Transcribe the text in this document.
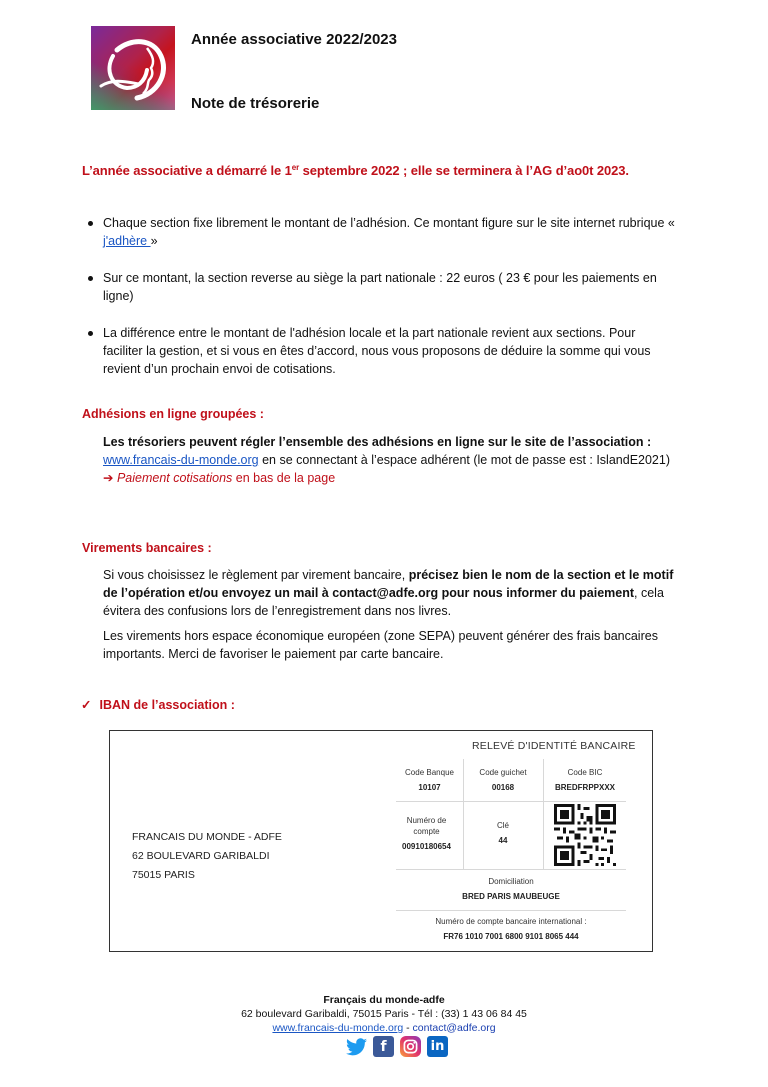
Année associative 2022/2023
Note de trésorerie
L’année associative a démarré le 1er septembre 2022 ; elle se terminera à l’AG d’ao0t 2023.
Chaque section fixe librement le montant de l’adhésion. Ce montant figure sur le site internet rubrique « j'adhère »
Sur ce montant, la section reverse au siège la part nationale : 22 euros ( 23 € pour les paiements en ligne)
La différence entre le montant de l'adhésion locale et la part nationale revient aux sections. Pour faciliter la gestion, et si vous en êtes d’accord, nous vous proposons de déduire la somme qui vous revient d’un prochain envoi de cotisations.
Adhésions en ligne groupées :
Les trésoriers peuvent régler l’ensemble des adhésions en ligne sur le site de l’association :
www.francais-du-monde.org en se connectant à l’espace adhérent (le mot de passe est : IslandE2021)
➔ Paiement cotisations en bas de la page
Virements bancaires :
Si vous choisissez le règlement par virement bancaire, précisez bien le nom de la section et le motif de l’opération et/ou envoyez un mail à contact@adfe.org pour nous informer du paiement, cela évitera des confusions lors de l’enregistrement dans nos livres.
Les virements hors espace économique européen (zone SEPA) peuvent générer des frais bancaires importants. Merci de favoriser le paiement par carte bancaire.
✓ IBAN de l’association :
FRANCAIS DU MONDE - ADFE
62 BOULEVARD GARIBALDI
75015 PARIS
RELEVÉ D'IDENTITÉ BANCAIRE
Code Banque
10107
Code guichet
00168
Code BIC
BREDFRPPXXX
Numéro de
compte
00910180654
Clé
44
Domiciliation
BRED PARIS MAUBEUGE
Numéro de compte bancaire international :
FR76 1010 7001 6800 9101 8065 444
Français du monde-adfe
62 boulevard Garibaldi, 75015 Paris - Tél : (33) 1 43 06 84 45
www.francais-du-monde.org - contact@adfe.org
f	in
